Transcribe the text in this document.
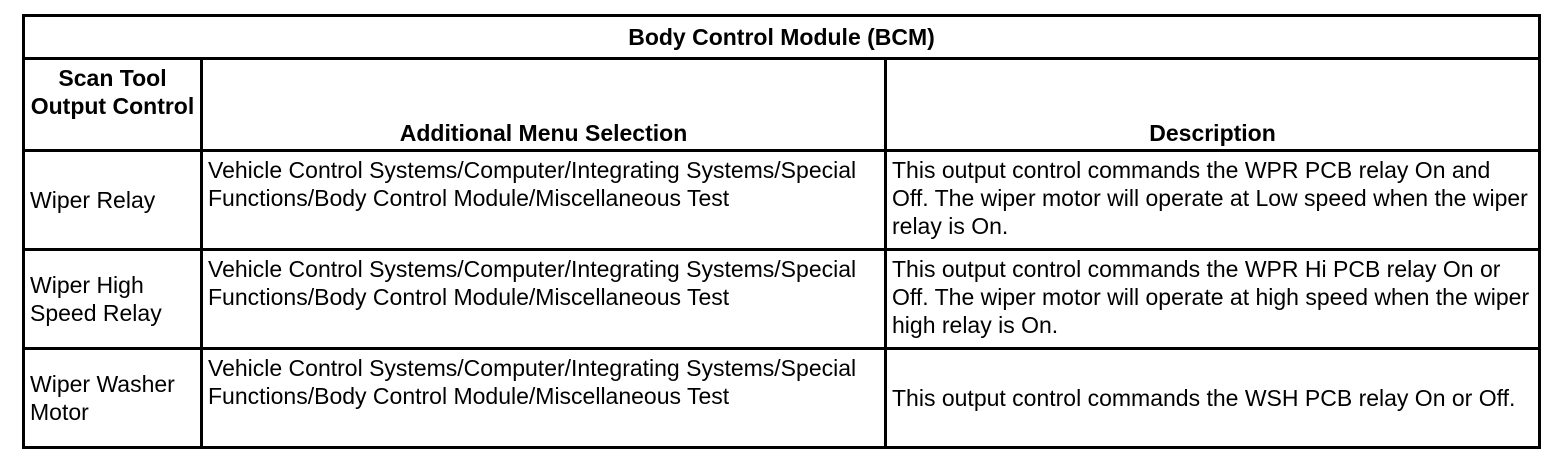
Body Control Module (BCM)		
Scan Tool Output Control	Additional Menu Selection	Description
Wiper Relay	Vehicle Control Systems/Computer/Integrating Systems/Special Functions/Body Control Module/Miscellaneous Test	This output control commands the WPR PCB relay On and Off. The wiper motor will operate at Low speed when the wiper relay is On.
Wiper High Speed Relay	Vehicle Control Systems/Computer/Integrating Systems/Special Functions/Body Control Module/Miscellaneous Test	This output control commands the WPR Hi PCB relay On or Off. The wiper motor will operate at high speed when the wiper high relay is On.
Wiper Washer Motor	Vehicle Control Systems/Computer/Integrating Systems/Special Functions/Body Control Module/Miscellaneous Test	This output control commands the WSH PCB relay On or Off.
